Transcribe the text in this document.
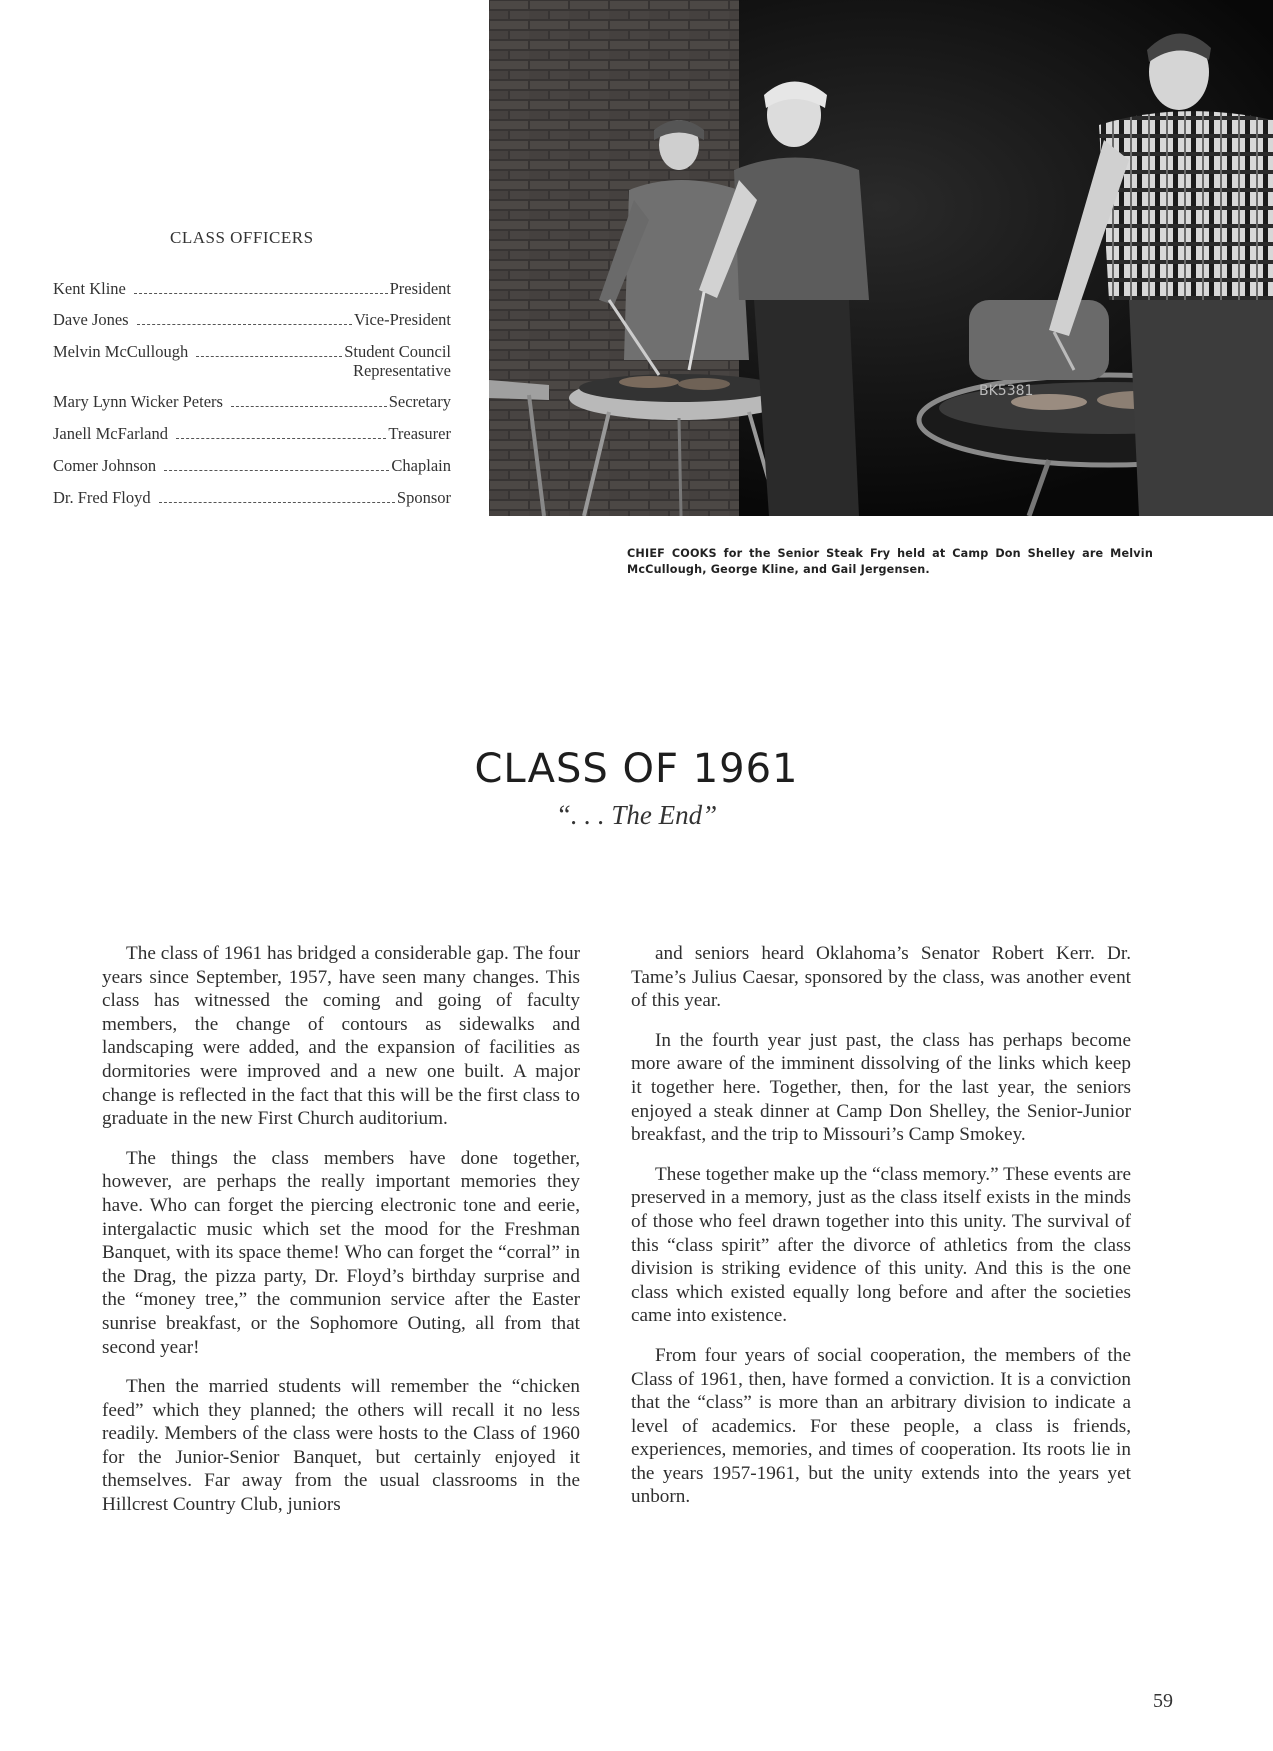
CLASS OFFICERS
Kent Kline	President
Dave Jones	Vice-President
Melvin McCullough	Student Council
Representative
Mary Lynn Wicker Peters	Secretary
Janell McFarland	Treasurer
Comer Johnson	Chaplain
Dr. Fred Floyd	Sponsor
BK5381
CHIEF COOKS for the Senior Steak Fry held at Camp Don Shelley are Melvin McCullough, George Kline, and Gail Jergensen.
CLASS OF 1961
“. . . The End”

The class of 1961 has bridged a considerable gap. The four years since September, 1957, have seen many changes. This class has witnessed the coming and going of faculty members, the change of contours as sidewalks and landscaping were added, and the expansion of facilities as dormitories were improved and a new one built. A major change is reflected in the fact that this will be the first class to graduate in the new First Church auditorium.

The things the class members have done together, however, are perhaps the really important memories they have. Who can forget the piercing electronic tone and eerie, intergalactic music which set the mood for the Freshman Banquet, with its space theme! Who can forget the “corral” in the Drag, the pizza party, Dr. Floyd’s birthday surprise and the “money tree,” the communion service after the Easter sunrise breakfast, or the Sophomore Outing, all from that second year!

Then the married students will remember the “chicken feed” which they planned; the others will recall it no less readily. Members of the class were hosts to the Class of 1960 for the Junior-Senior Banquet, but certainly enjoyed it themselves. Far away from the usual classrooms in the Hillcrest Country Club, juniors

and seniors heard Oklahoma’s Senator Robert Kerr. Dr. Tame’s Julius Caesar, sponsored by the class, was another event of this year.

In the fourth year just past, the class has perhaps become more aware of the imminent dissolving of the links which keep it together here. Together, then, for the last year, the seniors enjoyed a steak dinner at Camp Don Shelley, the Senior-Junior breakfast, and the trip to Missouri’s Camp Smokey.

These together make up the “class memory.” These events are preserved in a memory, just as the class itself exists in the minds of those who feel drawn together into this unity. The survival of this “class spirit” after the divorce of athletics from the class division is striking evidence of this unity. And this is the one class which existed equally long before and after the societies came into existence.

From four years of social cooperation, the members of the Class of 1961, then, have formed a conviction. It is a conviction that the “class” is more than an arbitrary division to indicate a level of academics. For these people, a class is friends, experiences, memories, and times of cooperation. Its roots lie in the years 1957-1961, but the unity extends into the years yet unborn.

59
